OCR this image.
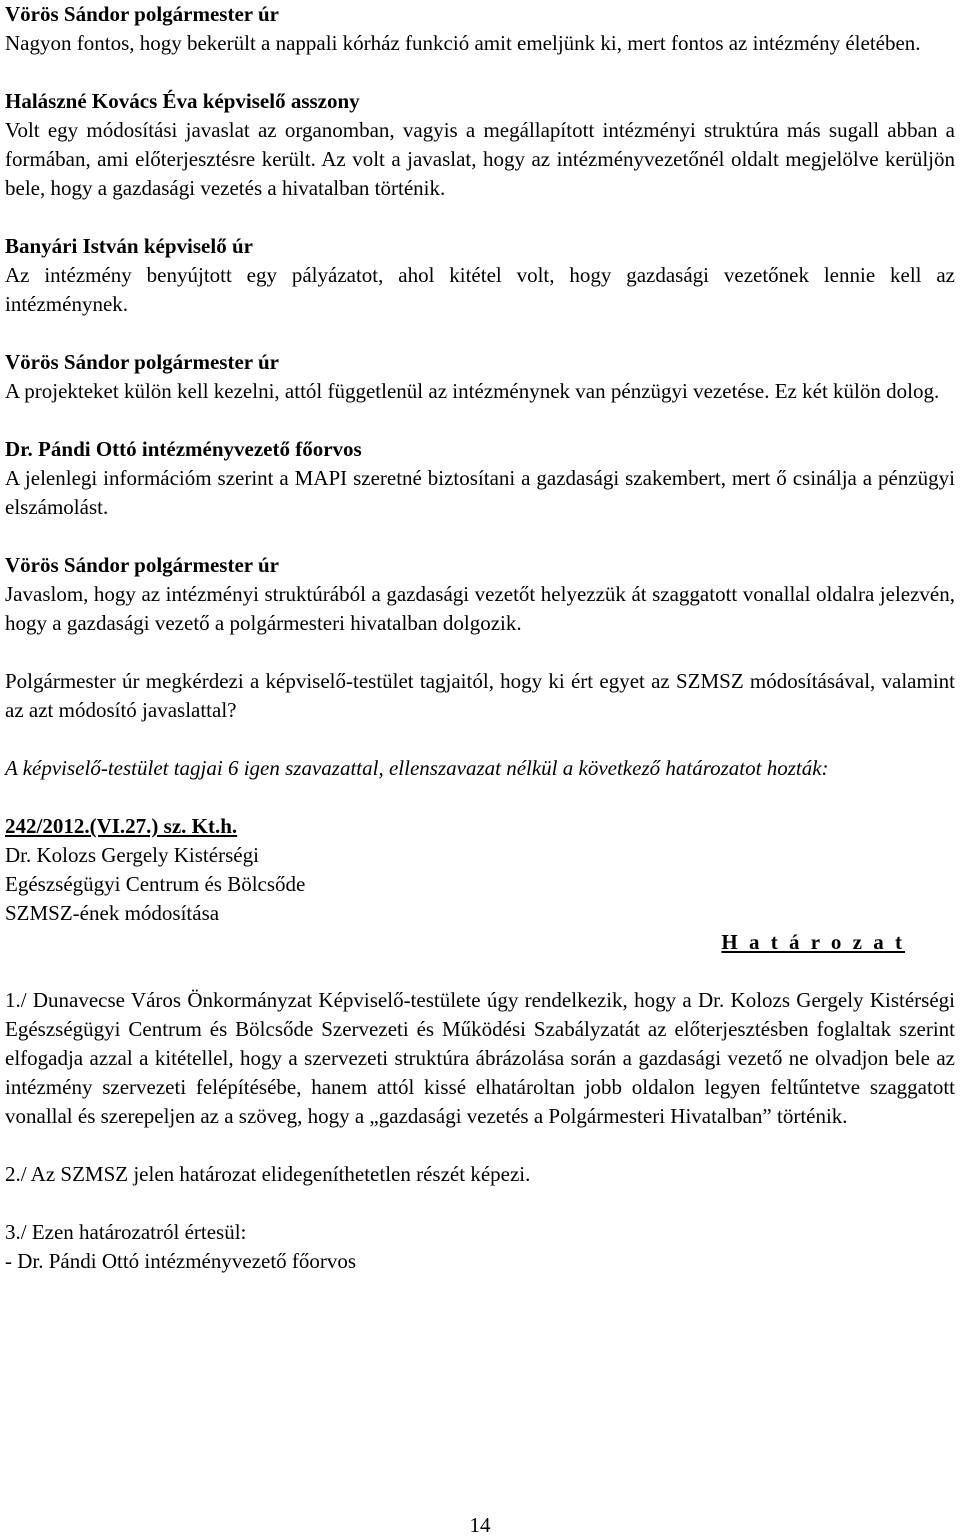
Vörös Sándor polgármester úr
Nagyon fontos, hogy bekerült a nappali kórház funkció amit emeljünk ki, mert fontos az intézmény életében.
Halászné Kovács Éva képviselő asszony
Volt egy módosítási javaslat az organomban, vagyis a megállapított intézményi struktúra más sugall abban a formában, ami előterjesztésre került. Az volt a javaslat, hogy az intézményvezetőnél oldalt megjelölve kerüljön bele, hogy a gazdasági vezetés a hivatalban történik.
Banyári István képviselő úr
Az intézmény benyújtott egy pályázatot, ahol kitétel volt, hogy gazdasági vezetőnek lennie kell az intézménynek.
Vörös Sándor polgármester úr
A projekteket külön kell kezelni, attól függetlenül az intézménynek van pénzügyi vezetése. Ez két külön dolog.
Dr. Pándi Ottó intézményvezető főorvos
A jelenlegi információm szerint a MAPI szeretné biztosítani a gazdasági szakembert, mert ő csinálja a pénzügyi elszámolást.
Vörös Sándor polgármester úr
Javaslom, hogy az intézményi struktúrából a gazdasági vezetőt helyezzük át szaggatott vonallal oldalra jelezvén, hogy a gazdasági vezető a polgármesteri hivatalban dolgozik.
Polgármester úr megkérdezi a képviselő-testület tagjaitól, hogy ki ért egyet az SZMSZ módosításával, valamint az azt módosító javaslattal?
A képviselő-testület tagjai 6 igen szavazattal, ellenszavazat nélkül a következő határozatot hozták:
242/2012.(VI.27.) sz. Kt.h.
Dr. Kolozs Gergely Kistérségi
Egészségügyi Centrum és Bölcsőde
SZMSZ-ének módosítása
H a t á r o z a t
1./ Dunavecse Város Önkormányzat Képviselő-testülete úgy rendelkezik, hogy a Dr. Kolozs Gergely Kistérségi Egészségügyi Centrum és Bölcsőde Szervezeti és Működési Szabályzatát az előterjesztésben foglaltak szerint elfogadja azzal a kitétellel, hogy a szervezeti struktúra ábrázolása során a gazdasági vezető ne olvadjon bele az intézmény szervezeti felépítésébe, hanem attól kissé elhatároltan jobb oldalon legyen feltűntetve szaggatott vonallal és szerepeljen az a szöveg, hogy a „gazdasági vezetés a Polgármesteri Hivatalban” történik.
2./ Az SZMSZ jelen határozat elidegeníthetetlen részét képezi.
3./ Ezen határozatról értesül:
- Dr. Pándi Ottó intézményvezető főorvos
14
